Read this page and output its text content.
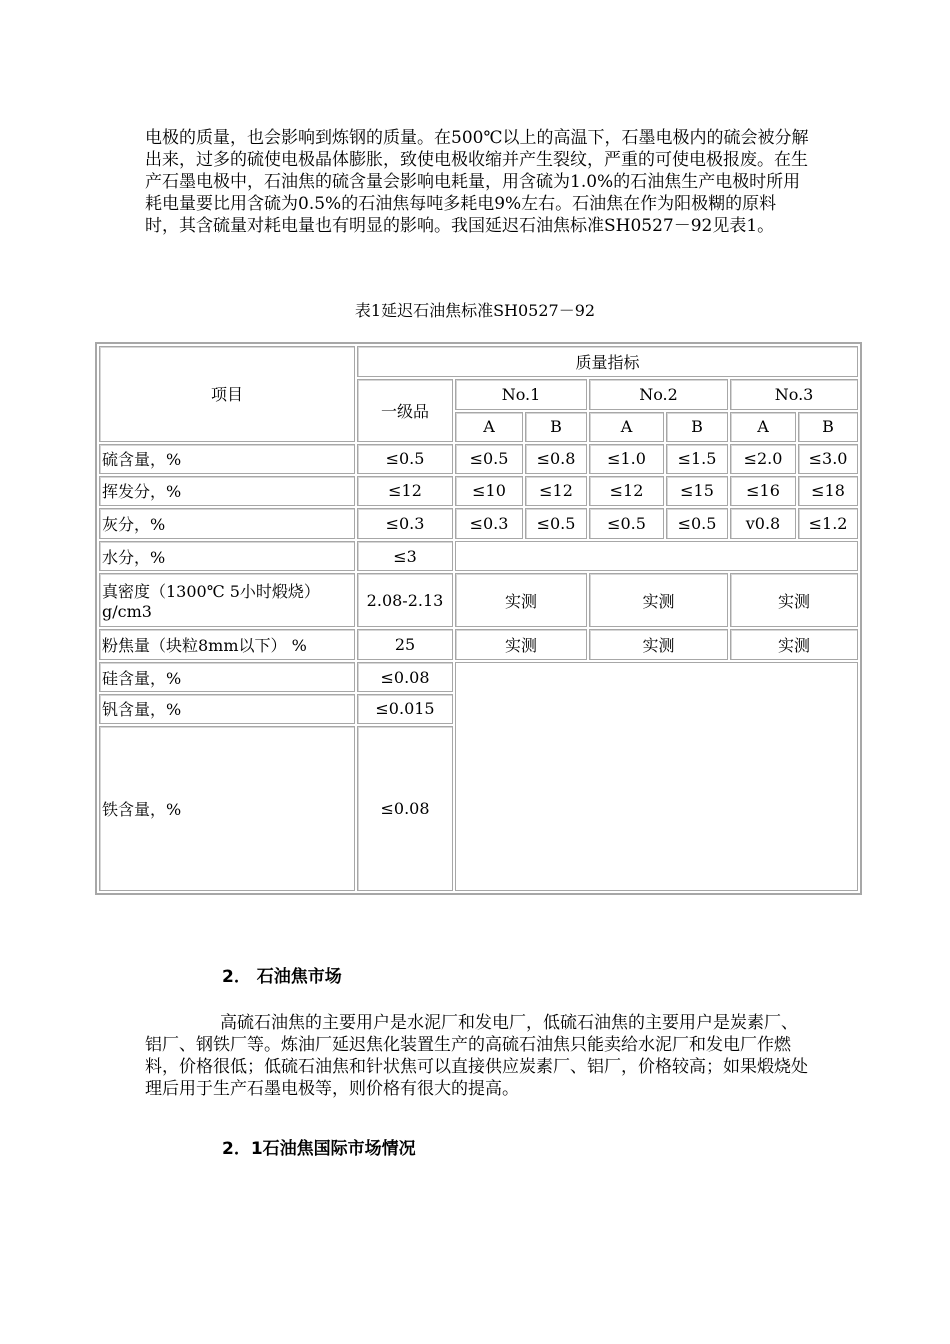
电极的质量，也会影响到炼钢的质量。在500℃以上的高温下，石墨电极内的硫会被分解出来，过多的硫使电极晶体膨胀，致使电极收缩并产生裂纹，严重的可使电极报废。在生产石墨电极中，石油焦的硫含量会影响电耗量，用含硫为1.0%的石油焦生产电极时所用耗电量要比用含硫为0.5%的石油焦每吨多耗电9%左右。石油焦在作为阳极糊的原料时，其含硫量对耗电量也有明显的影响。我国延迟石油焦标准SH0527－92见表1。

表1延迟石油焦标准SH0527－92
项目	质量指标						
	一级品	No.1		No.2		No.3	
		A	B	A	B	A	B
硫含量，%	≤0.5	≤0.5	≤0.8	≤1.0	≤1.5	≤2.0	≤3.0
挥发分，%	≤12	≤10	≤12	≤12	≤15	≤16	≤18
灰分，%	≤0.3	≤0.3	≤0.5	≤0.5	≤0.5	v0.8	≤1.2
水分，%	≤3						
真密度（1300℃ 5小时煅烧）g/cm3	2.08-2.13	实测		实测		实测	
粉焦量（块粒8mm以下） %	25	实测		实测		实测	
硅含量，%	≤0.08						
钒含量，%	≤0.015						
铁含量，%	≤0.08						
2． 石油焦市场

高硫石油焦的主要用户是水泥厂和发电厂，低硫石油焦的主要用户是炭素厂、铝厂、钢铁厂等。炼油厂延迟焦化装置生产的高硫石油焦只能卖给水泥厂和发电厂作燃料，价格很低；低硫石油焦和针状焦可以直接供应炭素厂、铝厂，价格较高；如果煅烧处理后用于生产石墨电极等，则价格有很大的提高。

2．1石油焦国际市场情况
